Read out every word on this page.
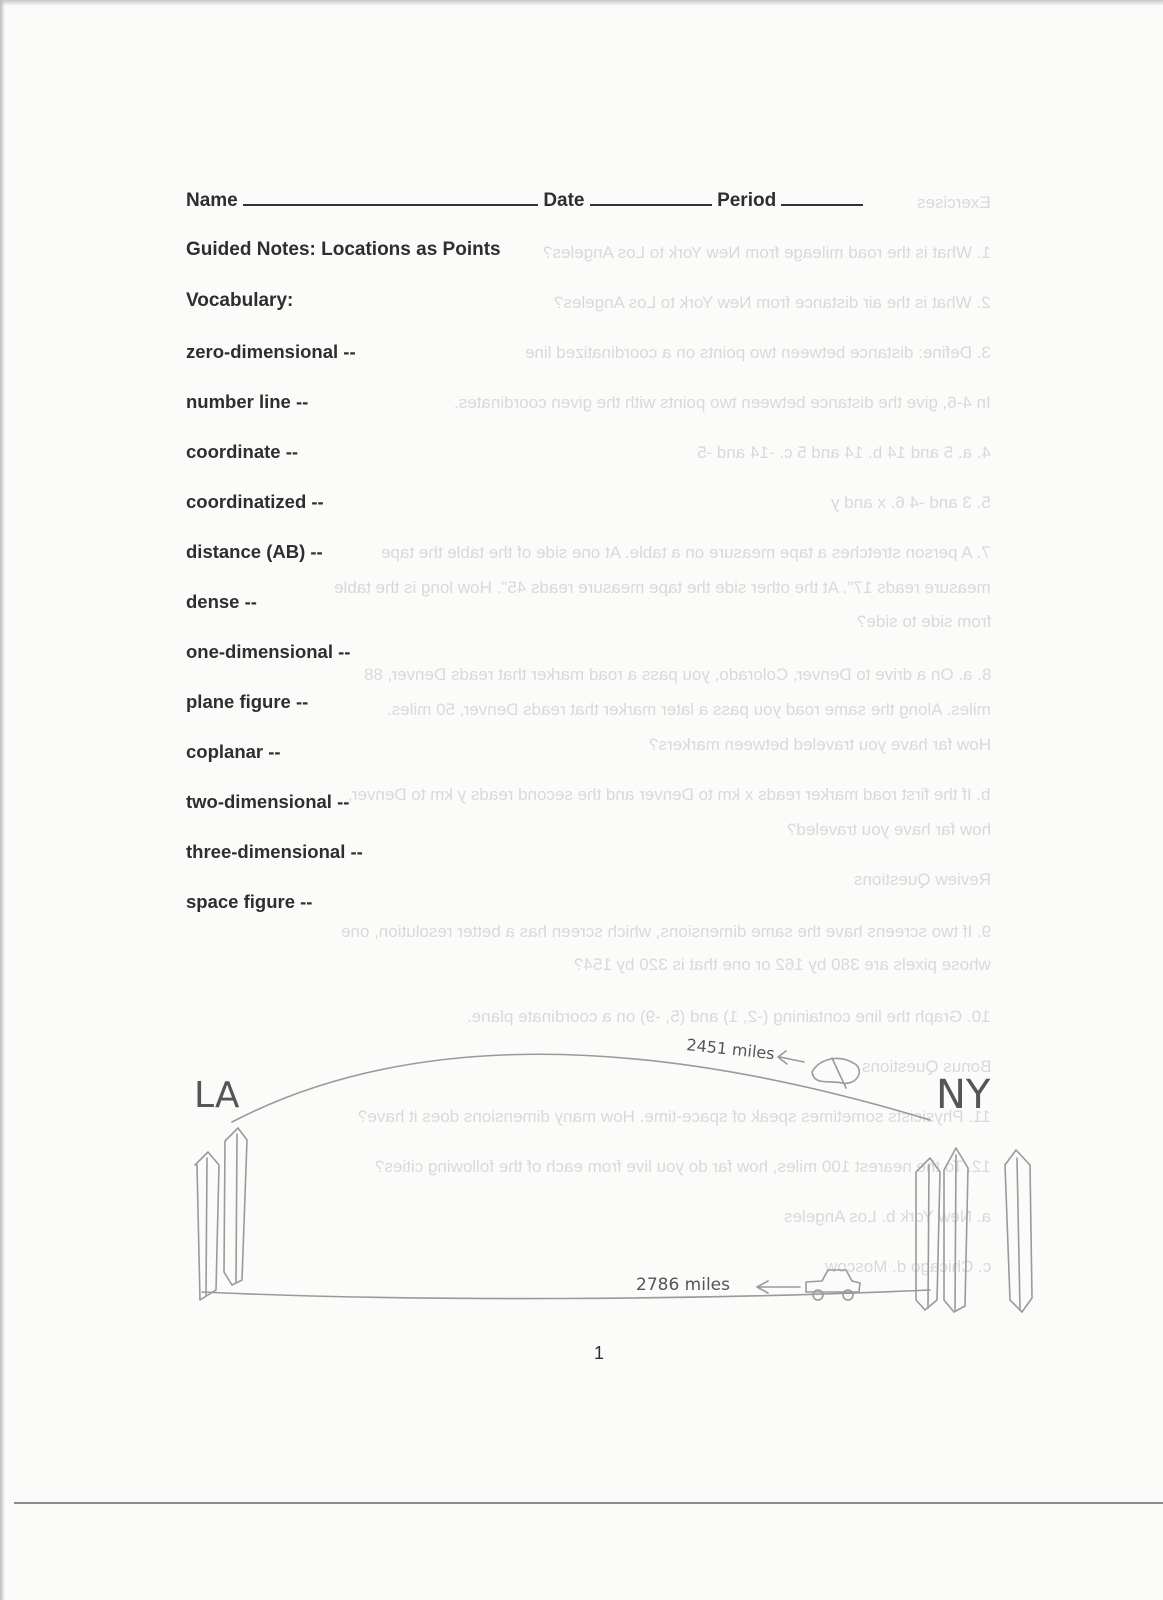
Exercises
1. What is the road mileage from New York to Los Angeles?
2. What is the air distance from New York to Los Angeles?
3. Define: distance between two points on a coordinatized line
In 4-6, give the distance between two points with the given coordinates.
4. a. 5 and 14 b. 14 and 5 c. -14 and -5
5. 3 and -4 6. x and y
7. A person stretches a tape measure on a table. At one side of the table the tape
measure reads 17". At the other side the tape measure reads 45". How long is the table
from side to side?
8. a. On a drive to Denver, Colorado, you pass a road marker that reads Denver, 88
miles. Along the same road you pass a later marker that reads Denver, 50 miles.
How far have you traveled between markers?
b. If the first road marker reads x km to Denver and the second reads y km to Denver,
how far have you traveled?
Review Questions
9. If two screens have the same dimensions, which screen has a better resolution, one
whose pixels are 380 by 162 or one that is 320 by 154?
10. Graph the line containing (-2, 1) and (5, -9) on a coordinate plane.
Bonus Questions
11. Physicists sometimes speak of space-time. How many dimensions does it have?
12. To the nearest 100 miles, how far do you live from each of the following cities?
a. New York b. Los Angeles
c. Chicago d. Moscow
Name	Date	Period
Guided Notes: Locations as Points
Vocabulary:
zero-dimensional --
number line --
coordinate --
coordinatized --
distance (AB) --
dense --
one-dimensional --
plane figure --
coplanar --
two-dimensional --
three-dimensional --
space figure --
LA	NY
2451 miles
2786 miles
1
